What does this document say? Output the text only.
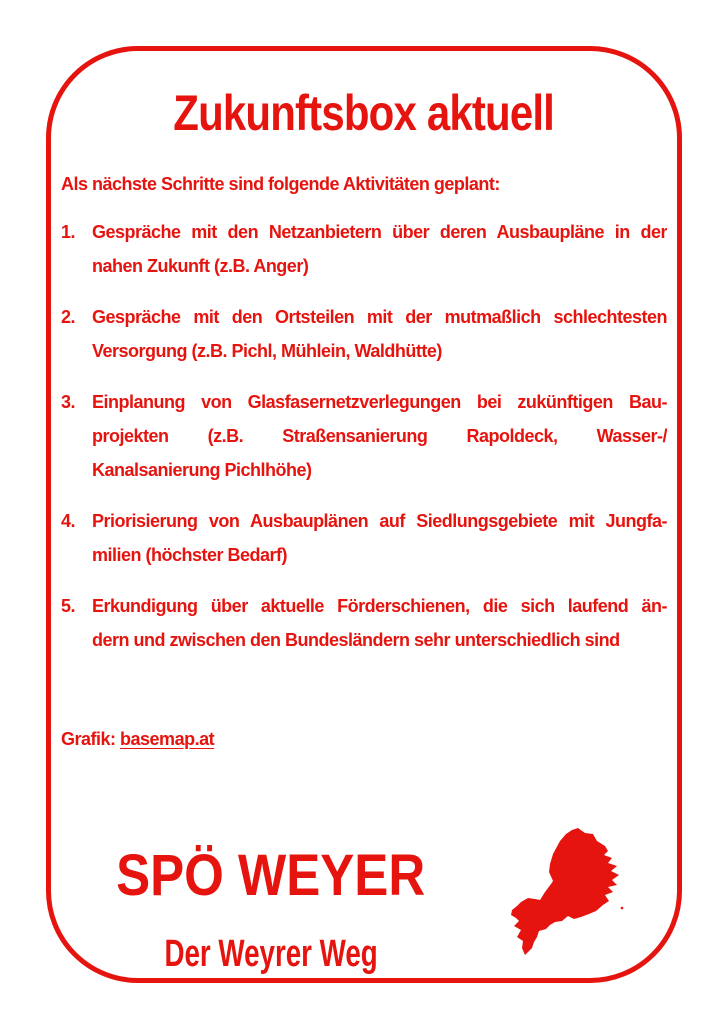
Zukunftsbox aktuell
Als nächste Schritte sind folgende Aktivitäten geplant:
1. Gespräche mit den Netzanbietern über deren Ausbaupläne in der
nahen Zukunft (z.B. Anger)
2. Gespräche mit den Ortsteilen mit der mutmaßlich schlechtesten
Versorgung (z.B. Pichl, Mühlein, Waldhütte)
3. Einplanung von Glasfasernetzverlegungen bei zukünftigen Bau-
projekten (z.B. Straßensanierung Rapoldeck, Wasser-/
Kanalsanierung Pichlhöhe)
4. Priorisierung von Ausbauplänen auf Siedlungsgebiete mit Jungfa-
milien (höchster Bedarf)
5. Erkundigung über aktuelle Förderschienen, die sich laufend än-
dern und zwischen den Bundesländern sehr unterschiedlich sind
Grafik: basemap.at
SPÖ WEYER
Der Weyrer Weg
